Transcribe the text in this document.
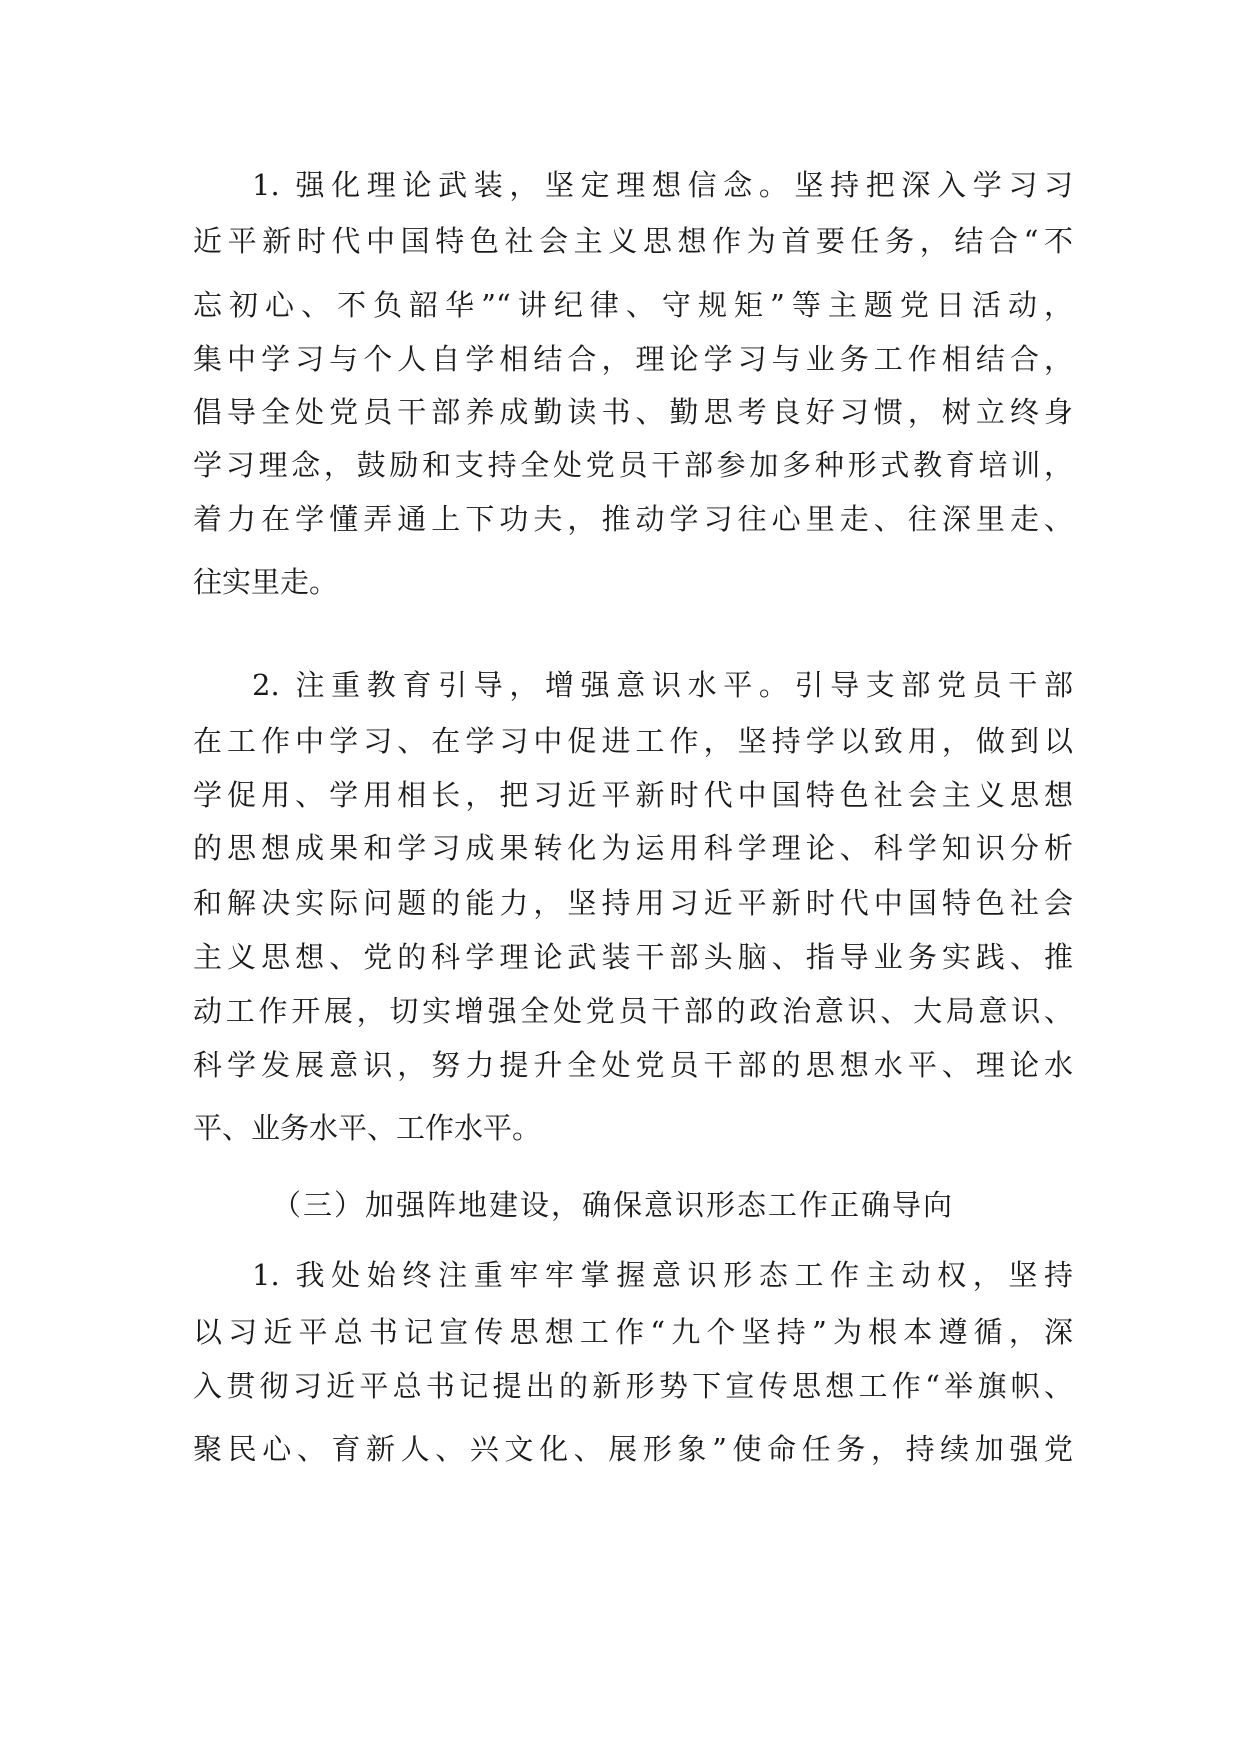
1. 强化理论武装，坚定理想信念。坚持把深入学习习
近平新时代中国特色社会主义思想作为首要任务，结合“不
忘初心、不负韶华”“讲纪律、守规矩”等主题党日活动，
集中学习与个人自学相结合，理论学习与业务工作相结合，
倡导全处党员干部养成勤读书、勤思考良好习惯，树立终身
学习理念，鼓励和支持全处党员干部参加多种形式教育培训，
着力在学懂弄通上下功夫，推动学习往心里走、往深里走、
往实里走。
2. 注重教育引导，增强意识水平。引导支部党员干部
在工作中学习、在学习中促进工作，坚持学以致用，做到以
学促用、学用相长，把习近平新时代中国特色社会主义思想
的思想成果和学习成果转化为运用科学理论、科学知识分析
和解决实际问题的能力，坚持用习近平新时代中国特色社会
主义思想、党的科学理论武装干部头脑、指导业务实践、推
动工作开展，切实增强全处党员干部的政治意识、大局意识、
科学发展意识，努力提升全处党员干部的思想水平、理论水
平、业务水平、工作水平。
（三）加强阵地建设，确保意识形态工作正确导向
1. 我处始终注重牢牢掌握意识形态工作主动权，坚持
以习近平总书记宣传思想工作“九个坚持”为根本遵循，深
入贯彻习近平总书记提出的新形势下宣传思想工作“举旗帜、
聚民心、育新人、兴文化、展形象”使命任务，持续加强党
